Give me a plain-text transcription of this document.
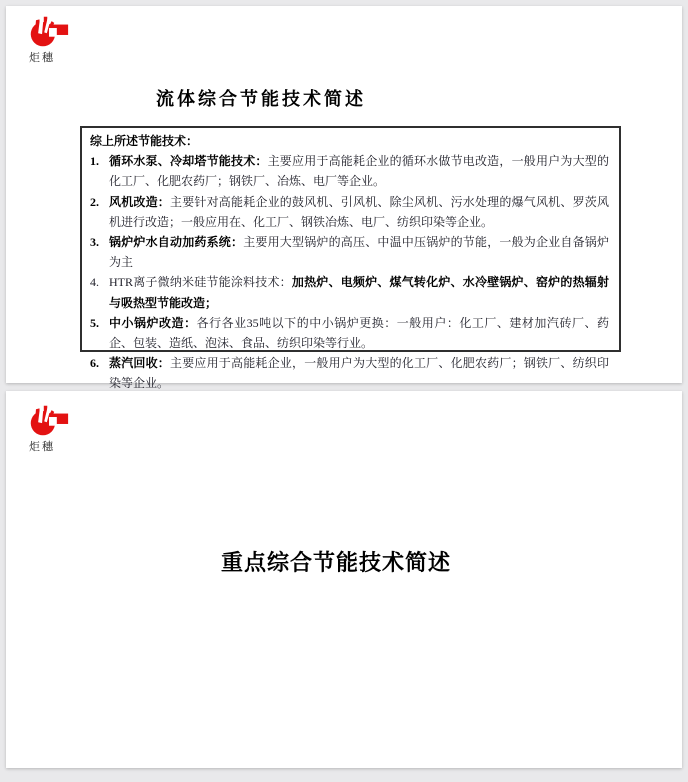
炬穗
流体综合节能技术简述
综上所述节能技术：
1. 循环水泵、冷却塔节能技术：主要应用于高能耗企业的循环水做节电改造，一般用户为大型的化工厂、化肥农药厂；钢铁厂、冶炼、电厂等企业。
2. 风机改造：主要针对高能耗企业的鼓风机、引风机、除尘风机、污水处理的爆气风机、罗茨风机进行改造；一般应用在、化工厂、钢铁冶炼、电厂、纺织印染等企业。
3. 锅炉炉水自动加药系统：主要用大型锅炉的高压、中温中压锅炉的节能，一般为企业自备锅炉为主
4. HTR离子微纳米硅节能涂料技术：加热炉、电频炉、煤气转化炉、水冷壁锅炉、窑炉的热辐射与吸热型节能改造；
5. 中小锅炉改造：各行各业35吨以下的中小锅炉更换：一般用户：化工厂、建材加汽砖厂、药企、包装、造纸、泡沫、食品、纺织印染等行业。
6. 蒸汽回收：主要应用于高能耗企业，一般用户为大型的化工厂、化肥农药厂；钢铁厂、纺织印染等企业。
炬穗
重点综合节能技术简述
